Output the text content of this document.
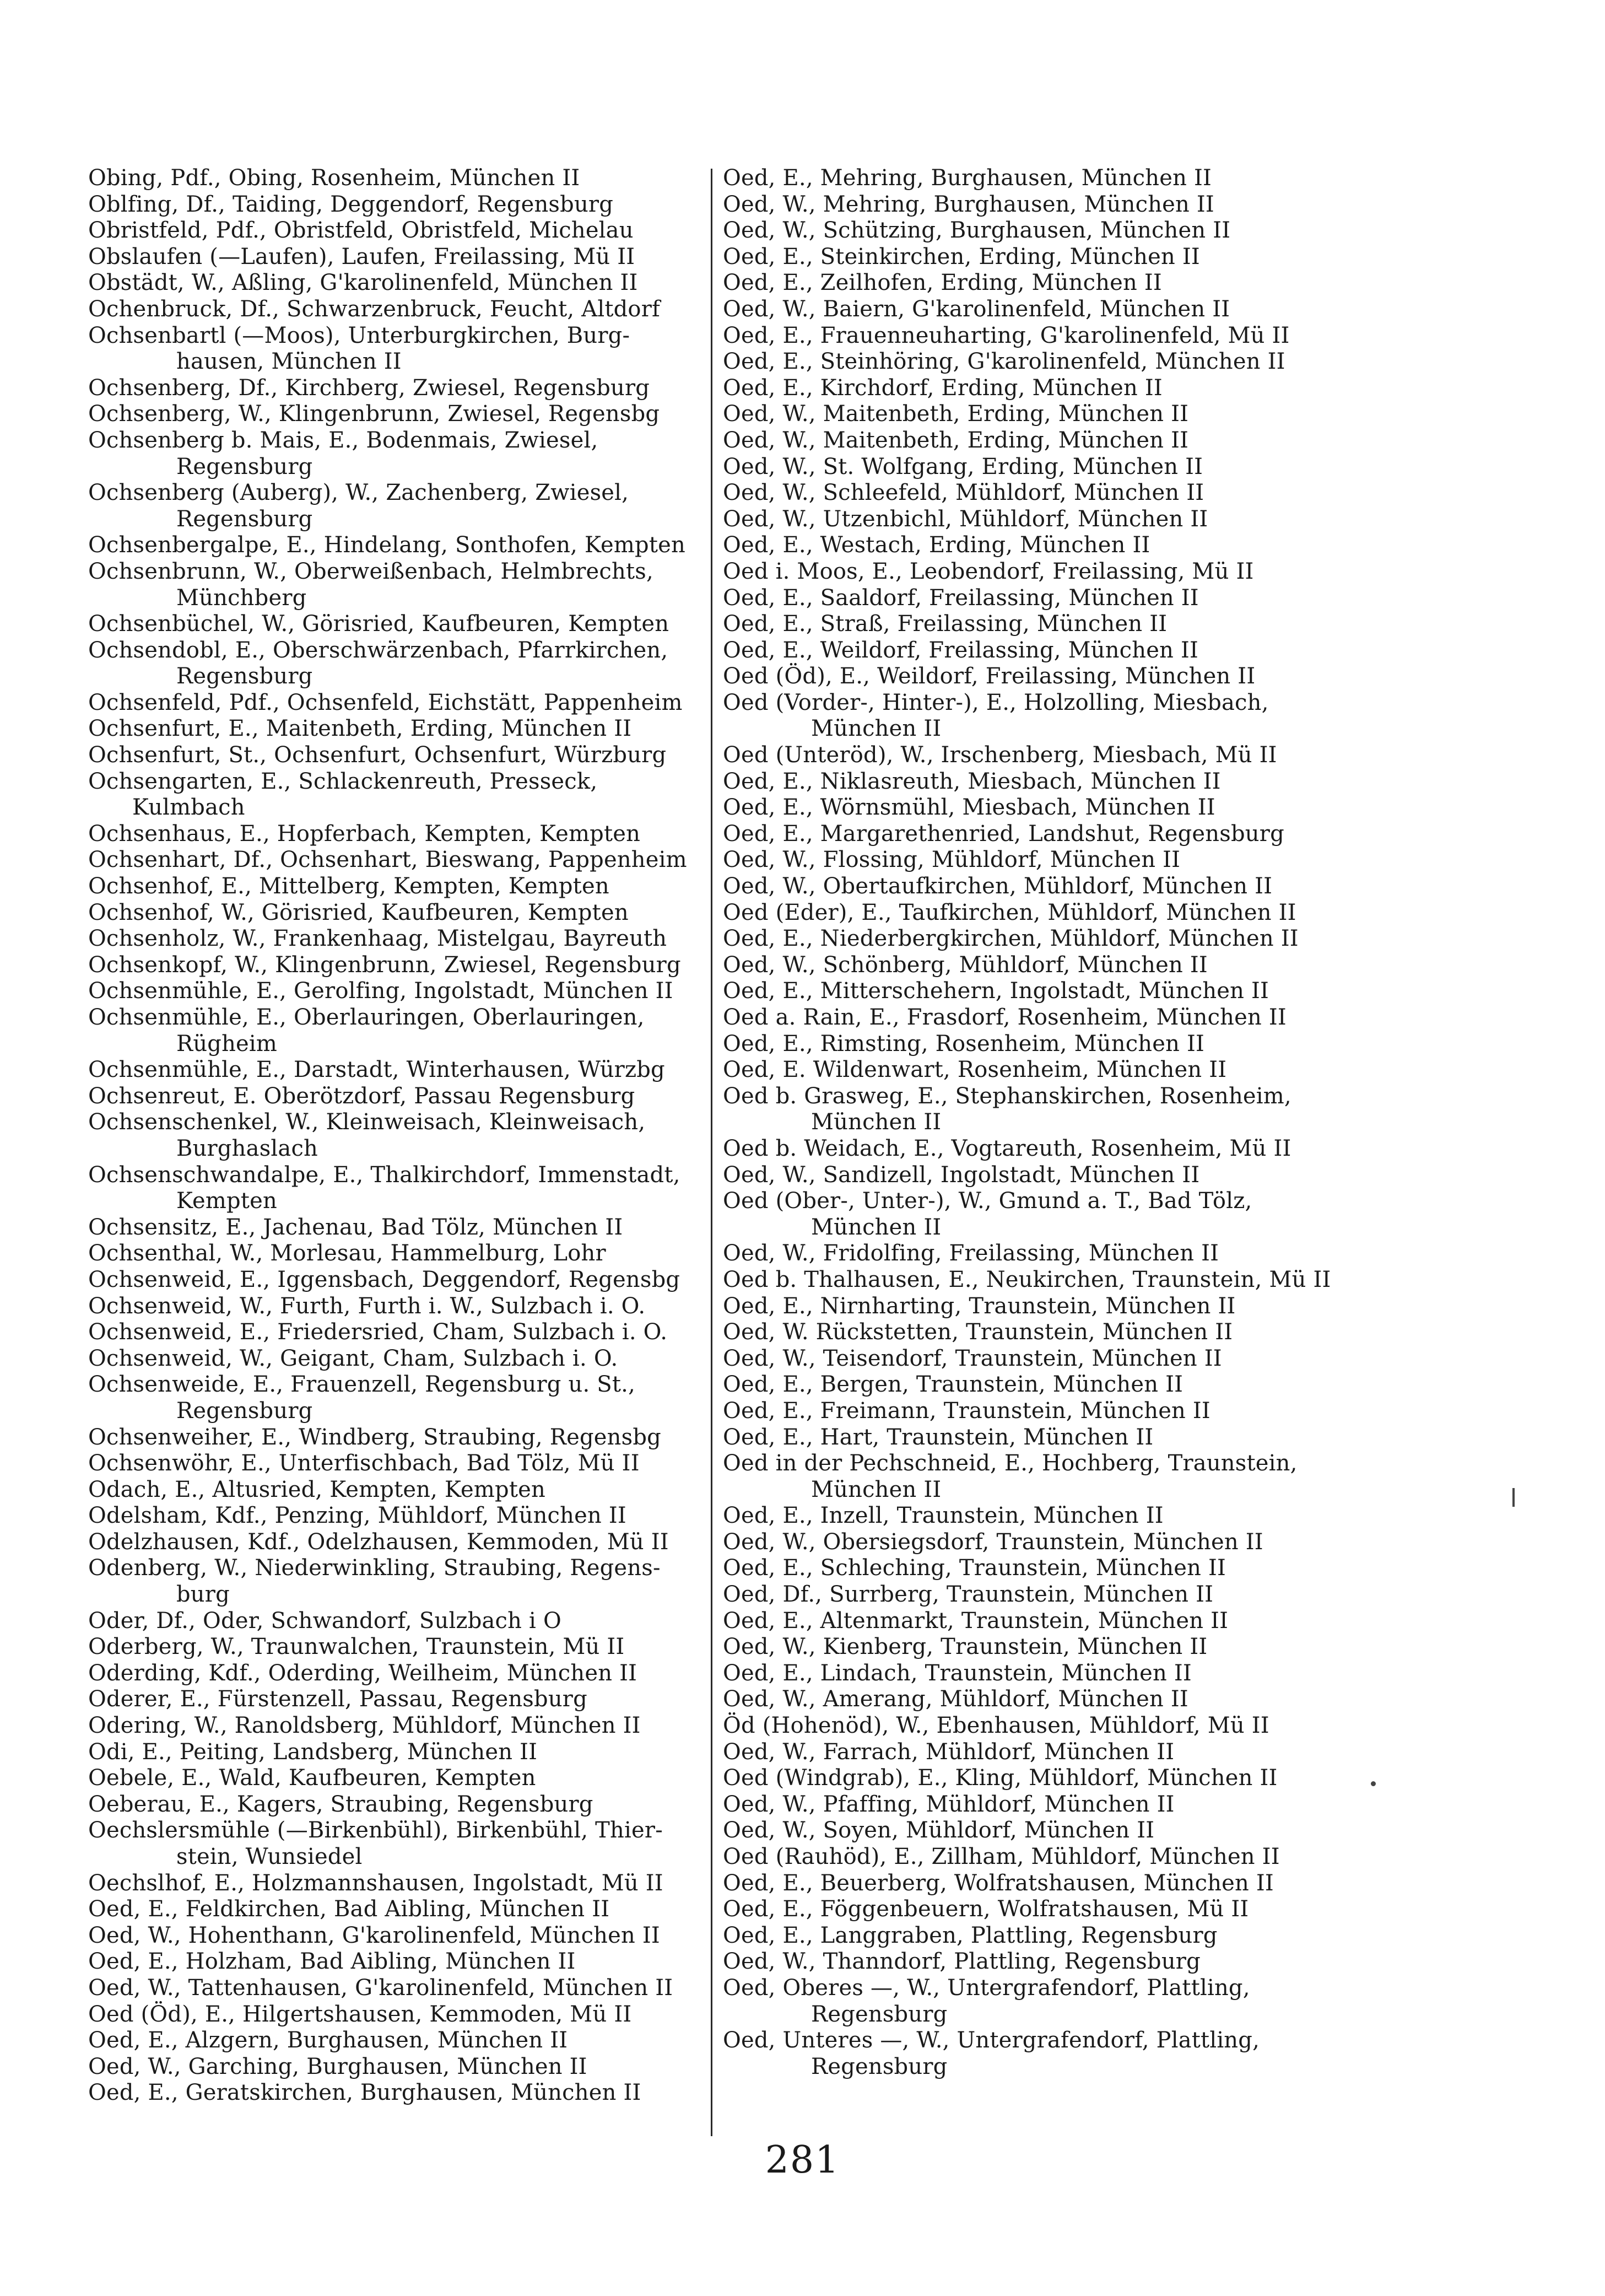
Obing, Pdf., Obing, Rosenheim, München II
Oblfing, Df., Taiding, Deggendorf, Regensburg
Obristfeld, Pdf., Obristfeld, Obristfeld, Michelau
Obslaufen (—Laufen), Laufen, Freilassing, Mü II
Obstädt, W., Aßling, G'karolinenfeld, München II
Ochenbruck, Df., Schwarzenbruck, Feucht, Altdorf
Ochsenbartl (—Moos), Unterburgkirchen, Burg-
hausen, München II
Ochsenberg, Df., Kirchberg, Zwiesel, Regensburg
Ochsenberg, W., Klingenbrunn, Zwiesel, Regensbg
Ochsenberg b. Mais, E., Bodenmais, Zwiesel,
Regensburg
Ochsenberg (Auberg), W., Zachenberg, Zwiesel,
Regensburg
Ochsenbergalpe, E., Hindelang, Sonthofen, Kempten
Ochsenbrunn, W., Oberweißenbach, Helmbrechts,
Münchberg
Ochsenbüchel, W., Görisried, Kaufbeuren, Kempten
Ochsendobl, E., Oberschwärzenbach, Pfarrkirchen,
Regensburg
Ochsenfeld, Pdf., Ochsenfeld, Eichstätt, Pappenheim
Ochsenfurt, E., Maitenbeth, Erding, München II
Ochsenfurt, St., Ochsenfurt, Ochsenfurt, Würzburg
Ochsengarten, E., Schlackenreuth, Presseck, Kulmbach
Ochsenhaus, E., Hopferbach, Kempten, Kempten
Ochsenhart, Df., Ochsenhart, Bieswang, Pappenheim
Ochsenhof, E., Mittelberg, Kempten, Kempten
Ochsenhof, W., Görisried, Kaufbeuren, Kempten
Ochsenholz, W., Frankenhaag, Mistelgau, Bayreuth
Ochsenkopf, W., Klingenbrunn, Zwiesel, Regensburg
Ochsenmühle, E., Gerolfing, Ingolstadt, München II
Ochsenmühle, E., Oberlauringen, Oberlauringen,
Rügheim
Ochsenmühle, E., Darstadt, Winterhausen, Würzbg
Ochsenreut, E. Oberötzdorf, Passau Regensburg
Ochsenschenkel, W., Kleinweisach, Kleinweisach,
Burghaslach
Ochsenschwandalpe, E., Thalkirchdorf, Immenstadt,
Kempten
Ochsensitz, E., Jachenau, Bad Tölz, München II
Ochsenthal, W., Morlesau, Hammelburg, Lohr
Ochsenweid, E., Iggensbach, Deggendorf, Regensbg
Ochsenweid, W., Furth, Furth i. W., Sulzbach i. O.
Ochsenweid, E., Friedersried, Cham, Sulzbach i. O.
Ochsenweid, W., Geigant, Cham, Sulzbach i. O.
Ochsenweide, E., Frauenzell, Regensburg u. St.,
Regensburg
Ochsenweiher, E., Windberg, Straubing, Regensbg
Ochsenwöhr, E., Unterfischbach, Bad Tölz, Mü II
Odach, E., Altusried, Kempten, Kempten
Odelsham, Kdf., Penzing, Mühldorf, München II
Odelzhausen, Kdf., Odelzhausen, Kemmoden, Mü II
Odenberg, W., Niederwinkling, Straubing, Regens-
burg
Oder, Df., Oder, Schwandorf, Sulzbach i O
Oderberg, W., Traunwalchen, Traunstein, Mü II
Oderding, Kdf., Oderding, Weilheim, München II
Oderer, E., Fürstenzell, Passau, Regensburg
Odering, W., Ranoldsberg, Mühldorf, München II
Odi, E., Peiting, Landsberg, München II
Oebele, E., Wald, Kaufbeuren, Kempten
Oeberau, E., Kagers, Straubing, Regensburg
Oechslersmühle (—Birkenbühl), Birkenbühl, Thier-
stein, Wunsiedel
Oechslhof, E., Holzmannshausen, Ingolstadt, Mü II
Oed, E., Feldkirchen, Bad Aibling, München II
Oed, W., Hohenthann, G'karolinenfeld, München II
Oed, E., Holzham, Bad Aibling, München II
Oed, W., Tattenhausen, G'karolinenfeld, München II
Oed (Öd), E., Hilgertshausen, Kemmoden, Mü II
Oed, E., Alzgern, Burghausen, München II
Oed, W., Garching, Burghausen, München II
Oed, E., Geratskirchen, Burghausen, München II
Oed, E., Mehring, Burghausen, München II
Oed, W., Mehring, Burghausen, München II
Oed, W., Schützing, Burghausen, München II
Oed, E., Steinkirchen, Erding, München II
Oed, E., Zeilhofen, Erding, München II
Oed, W., Baiern, G'karolinenfeld, München II
Oed, E., Frauenneuharting, G'karolinenfeld, Mü II
Oed, E., Steinhöring, G'karolinenfeld, München II
Oed, E., Kirchdorf, Erding, München II
Oed, W., Maitenbeth, Erding, München II
Oed, W., Maitenbeth, Erding, München II
Oed, W., St. Wolfgang, Erding, München II
Oed, W., Schleefeld, Mühldorf, München II
Oed, W., Utzenbichl, Mühldorf, München II
Oed, E., Westach, Erding, München II
Oed i. Moos, E., Leobendorf, Freilassing, Mü II
Oed, E., Saaldorf, Freilassing, München II
Oed, E., Straß, Freilassing, München II
Oed, E., Weildorf, Freilassing, München II
Oed (Öd), E., Weildorf, Freilassing, München II
Oed (Vorder-, Hinter-), E., Holzolling, Miesbach,
München II
Oed (Unteröd), W., Irschenberg, Miesbach, Mü II
Oed, E., Niklasreuth, Miesbach, München II
Oed, E., Wörnsmühl, Miesbach, München II
Oed, E., Margarethenried, Landshut, Regensburg
Oed, W., Flossing, Mühldorf, München II
Oed, W., Obertaufkirchen, Mühldorf, München II
Oed (Eder), E., Taufkirchen, Mühldorf, München II
Oed, E., Niederbergkirchen, Mühldorf, München II
Oed, W., Schönberg, Mühldorf, München II
Oed, E., Mitterschehern, Ingolstadt, München II
Oed a. Rain, E., Frasdorf, Rosenheim, München II
Oed, E., Rimsting, Rosenheim, München II
Oed, E. Wildenwart, Rosenheim, München II
Oed b. Grasweg, E., Stephanskirchen, Rosenheim,
München II
Oed b. Weidach, E., Vogtareuth, Rosenheim, Mü II
Oed, W., Sandizell, Ingolstadt, München II
Oed (Ober-, Unter-), W., Gmund a. T., Bad Tölz,
München II
Oed, W., Fridolfing, Freilassing, München II
Oed b. Thalhausen, E., Neukirchen, Traunstein, Mü II
Oed, E., Nirnharting, Traunstein, München II
Oed, W. Rückstetten, Traunstein, München II
Oed, W., Teisendorf, Traunstein, München II
Oed, E., Bergen, Traunstein, München II
Oed, E., Freimann, Traunstein, München II
Oed, E., Hart, Traunstein, München II
Oed in der Pechschneid, E., Hochberg, Traunstein,
München II
Oed, E., Inzell, Traunstein, München II
Oed, W., Obersiegsdorf, Traunstein, München II
Oed, E., Schleching, Traunstein, München II
Oed, Df., Surrberg, Traunstein, München II
Oed, E., Altenmarkt, Traunstein, München II
Oed, W., Kienberg, Traunstein, München II
Oed, E., Lindach, Traunstein, München II
Oed, W., Amerang, Mühldorf, München II
Öd (Hohenöd), W., Ebenhausen, Mühldorf, Mü II
Oed, W., Farrach, Mühldorf, München II
Oed (Windgrab), E., Kling, Mühldorf, München II
Oed, W., Pfaffing, Mühldorf, München II
Oed, W., Soyen, Mühldorf, München II
Oed (Rauhöd), E., Zillham, Mühldorf, München II
Oed, E., Beuerberg, Wolfratshausen, München II
Oed, E., Föggenbeuern, Wolfratshausen, Mü II
Oed, E., Langgraben, Plattling, Regensburg
Oed, W., Thanndorf, Plattling, Regensburg
Oed, Oberes —, W., Untergrafendorf, Plattling,
Regensburg
Oed, Unteres —, W., Untergrafendorf, Plattling,
Regensburg
281
